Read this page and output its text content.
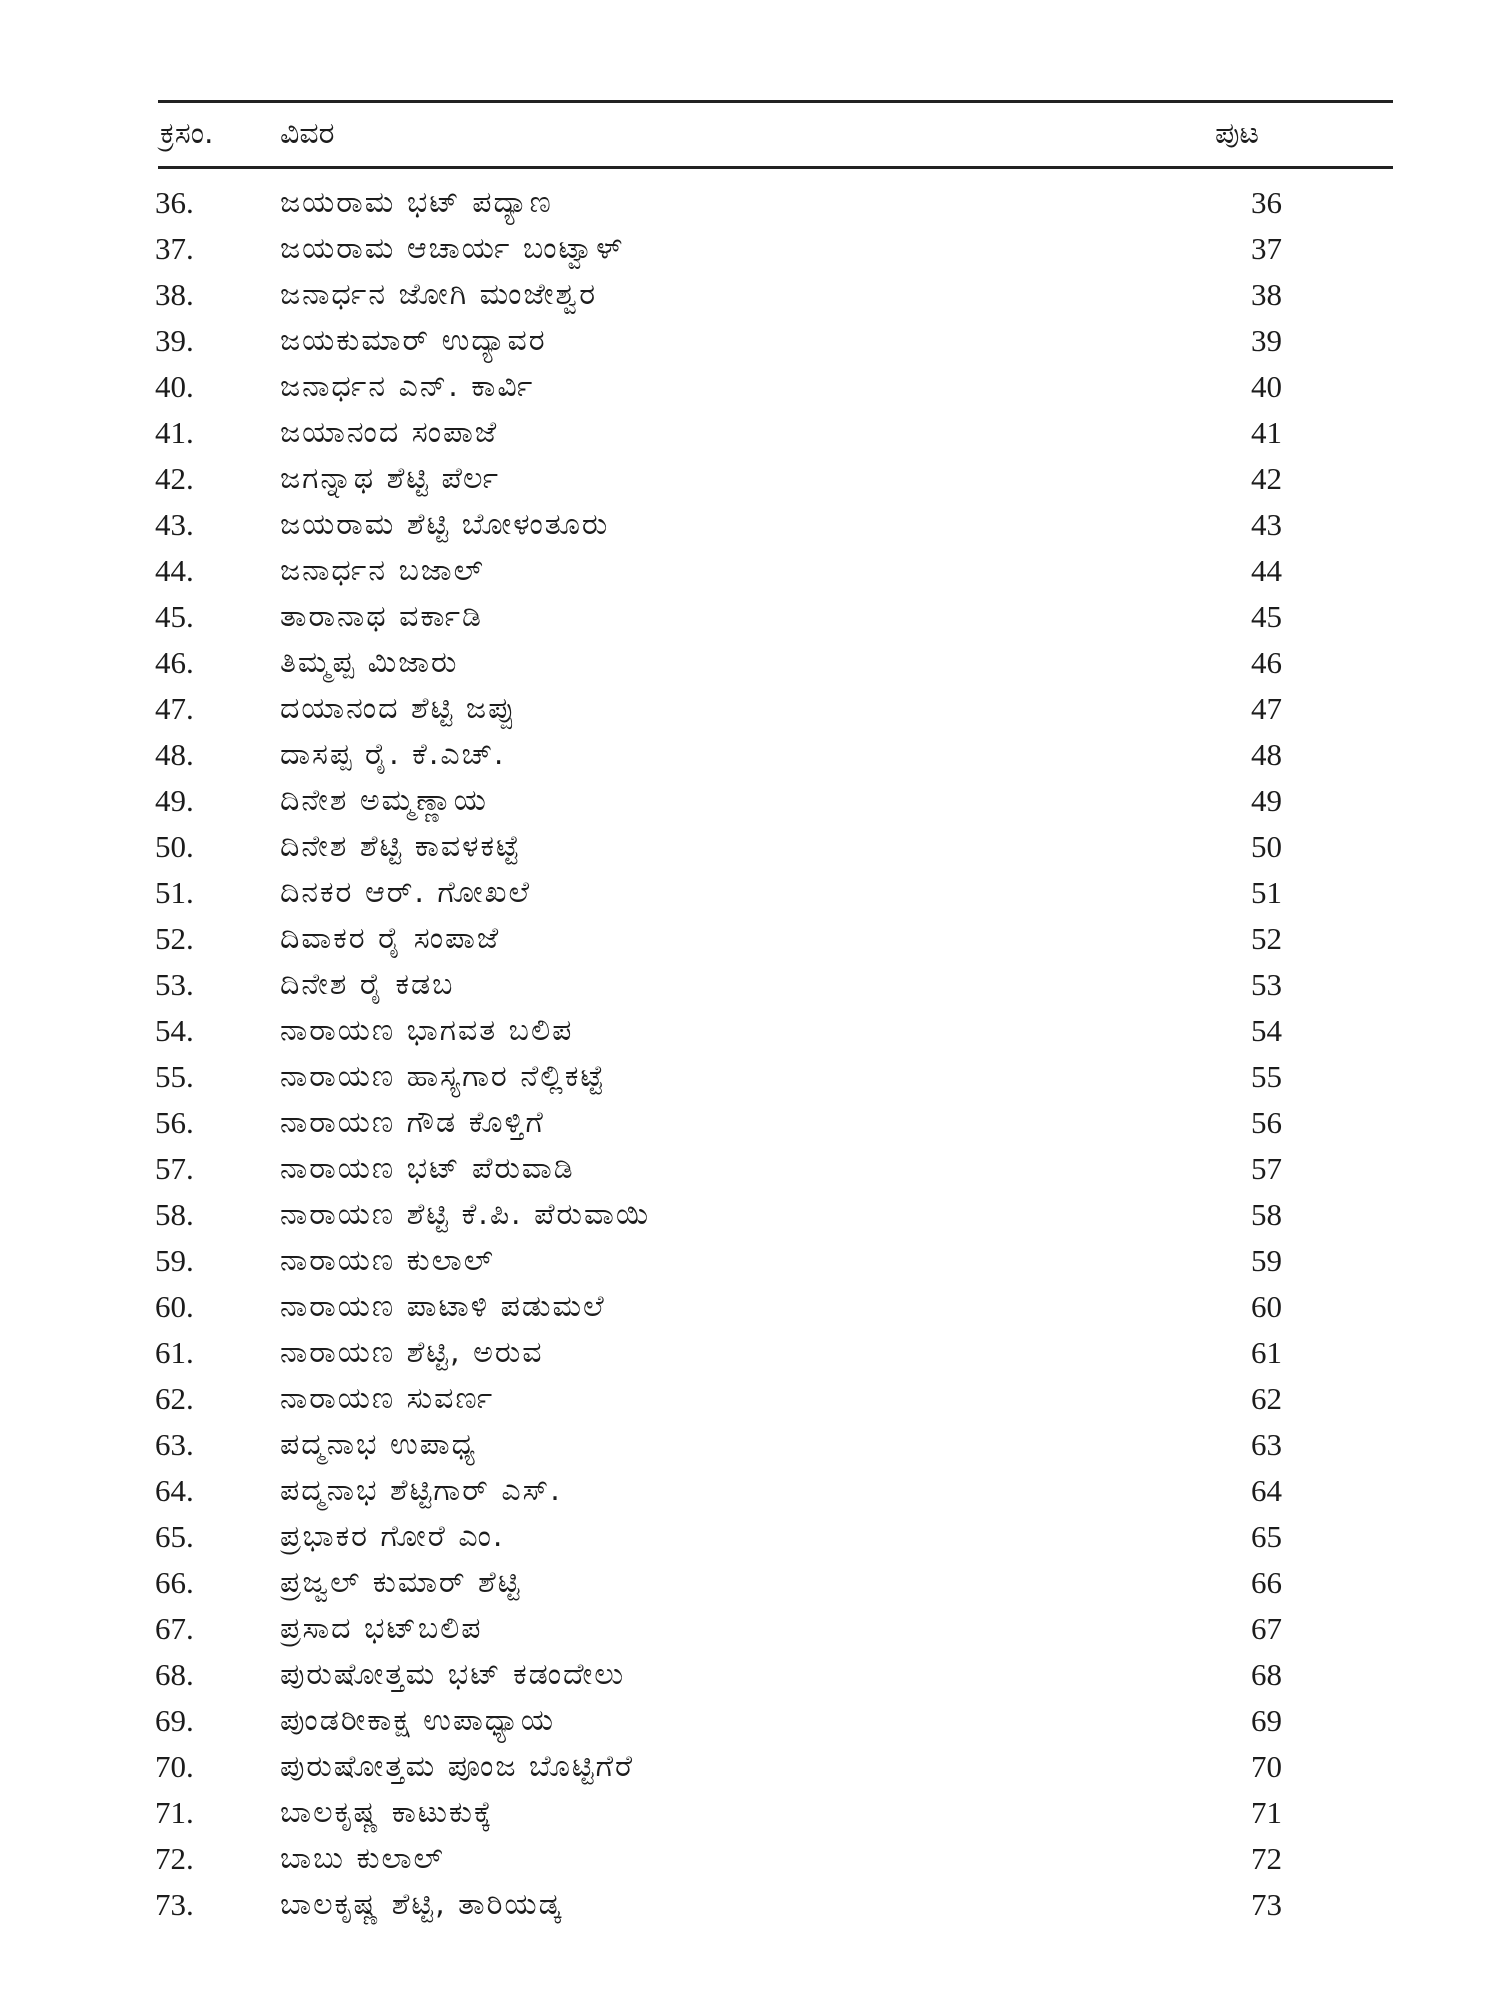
ಕ್ರಸಂ. ವಿವರ	ಪುಟ
36.	ಜಯರಾಮ ಭಟ್ ಪದ್ಯಾಣ	36
37.	ಜಯರಾಮ ಆಚಾರ್ಯ ಬಂಟ್ವಾಳ್	37
38.	ಜನಾರ್ಧನ ಜೋಗಿ ಮಂಜೇಶ್ವರ	38
39.	ಜಯಕುಮಾರ್ ಉದ್ಯಾವರ	39
40.	ಜನಾರ್ಧನ ಎನ್. ಕಾರ್ವಿ	40
41.	ಜಯಾನಂದ ಸಂಪಾಜೆ	41
42.	ಜಗನ್ನಾಥ ಶೆಟ್ಟಿ ಪೆರ್ಲ	42
43.	ಜಯರಾಮ ಶೆಟ್ಟಿ ಬೋಳಂತೂರು	43
44.	ಜನಾರ್ಧನ ಬಜಾಲ್	44
45.	ತಾರಾನಾಥ ವರ್ಕಾಡಿ	45
46.	ತಿಮ್ಮಪ್ಪ ಮಿಜಾರು	46
47.	ದಯಾನಂದ ಶೆಟ್ಟಿ ಜಪ್ಪು	47
48.	ದಾಸಪ್ಪ ರೈ. ಕೆ.ಎಚ್.	48
49.	ದಿನೇಶ ಅಮ್ಮಣ್ಣಾಯ	49
50.	ದಿನೇಶ ಶೆಟ್ಟಿ ಕಾವಳಕಟ್ಟೆ	50
51.	ದಿನಕರ ಆರ್. ಗೋಖಲೆ	51
52.	ದಿವಾಕರ ರೈ ಸಂಪಾಜೆ	52
53.	ದಿನೇಶ ರೈ ಕಡಬ	53
54.	ನಾರಾಯಣ ಭಾಗವತ ಬಲಿಪ	54
55.	ನಾರಾಯಣ ಹಾಸ್ಯಗಾರ ನೆಲ್ಲಿಕಟ್ಟೆ	55
56.	ನಾರಾಯಣ ಗೌಡ ಕೊಳ್ತಿಗೆ	56
57.	ನಾರಾಯಣ ಭಟ್ ಪೆರುವಾಡಿ	57
58.	ನಾರಾಯಣ ಶೆಟ್ಟಿ ಕೆ.ಪಿ. ಪೆರುವಾಯಿ	58
59.	ನಾರಾಯಣ ಕುಲಾಲ್	59
60.	ನಾರಾಯಣ ಪಾಟಾಳಿ ಪಡುಮಲೆ	60
61.	ನಾರಾಯಣ ಶೆಟ್ಟಿ, ಅರುವ	61
62.	ನಾರಾಯಣ ಸುವರ್ಣ	62
63.	ಪದ್ಮನಾಭ ಉಪಾಧ್ಯ	63
64.	ಪದ್ಮನಾಭ ಶೆಟ್ಟಿಗಾರ್ ಎಸ್.	64
65.	ಪ್ರಭಾಕರ ಗೋರೆ ಎಂ.	65
66.	ಪ್ರಜ್ವಲ್ ಕುಮಾರ್ ಶೆಟ್ಟಿ	66
67.	ಪ್ರಸಾದ ಭಟ್‌ಬಲಿಪ	67
68.	ಪುರುಷೋತ್ತಮ ಭಟ್ ಕಡಂದೇಲು	68
69.	ಪುಂಡರೀಕಾಕ್ಷ ಉಪಾಧ್ಯಾಯ	69
70.	ಪುರುಷೋತ್ತಮ ಪೂಂಜ ಬೊಟ್ಟಿಗೆರೆ	70
71.	ಬಾಲಕೃಷ್ಣ ಕಾಟುಕುಕ್ಕೆ	71
72.	ಬಾಬು ಕುಲಾಲ್	72
73.	ಬಾಲಕೃಷ್ಣ ಶೆಟ್ಟಿ, ತಾರಿಯಡ್ಕ	73
